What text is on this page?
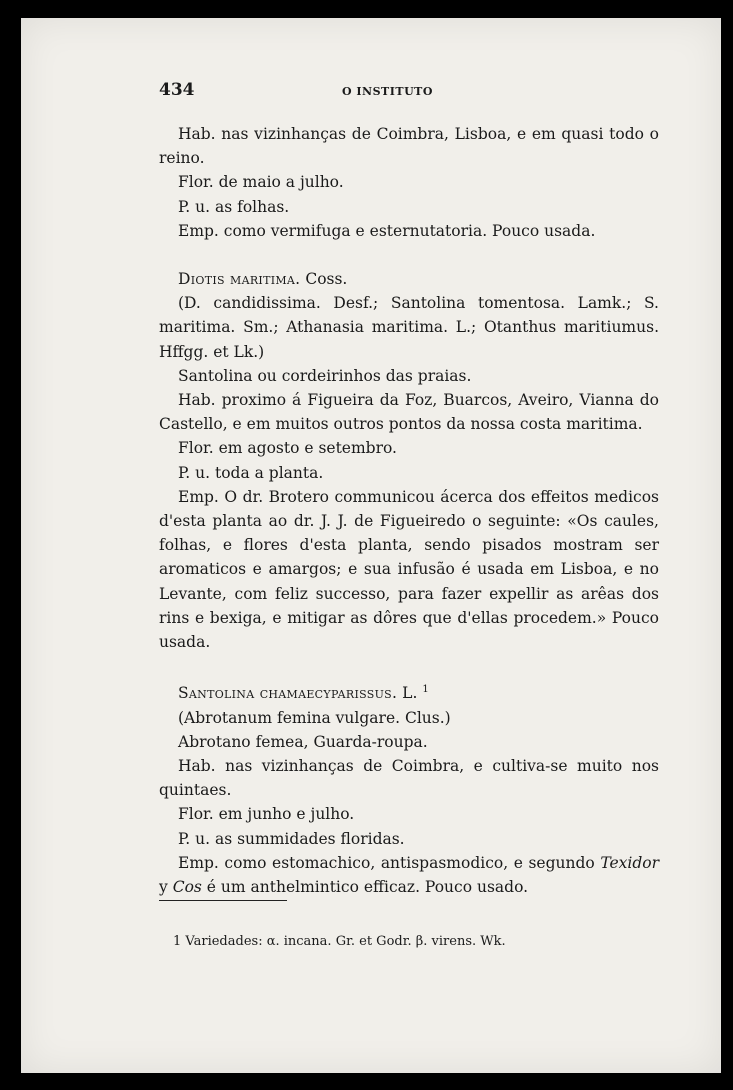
434	O INSTITUTO

Hab. nas vizinhanças de Coimbra, Lisboa, e em quasi todo o reino.

Flor. de maio a julho.

P. u. as folhas.

Emp. como vermifuga e esternutatoria. Pouco usada.

Diotis maritima. Coss.

(D. candidissima. Desf.; Santolina tomentosa. Lamk.; S. maritima. Sm.; Athanasia maritima. L.; Otanthus maritiumus. Hffgg. et Lk.)

Santolina ou cordeirinhos das praias.

Hab. proximo á Figueira da Foz, Buarcos, Aveiro, Vianna do Castello, e em muitos outros pontos da nossa costa maritima.

Flor. em agosto e setembro.

P. u. toda a planta.

Emp. O dr. Brotero communicou ácerca dos effeitos medicos d'esta planta ao dr. J. J. de Figueiredo o seguinte: «Os caules, folhas, e flores d'esta planta, sendo pisados mostram ser aromaticos e amargos; e sua infusão é usada em Lisboa, e no Levante, com feliz successo, para fazer expellir as arêas dos rins e bexiga, e mitigar as dôres que d'ellas procedem.» Pouco usada.

Santolina chamaecyparissus. L. $^1$

(Abrotanum femina vulgare. Clus.)

Abrotano femea, Guarda-roupa.

Hab. nas vizinhanças de Coimbra, e cultiva-se muito nos quintaes.

Flor. em junho e julho.

P. u. as summidades floridas.

Emp. como estomachico, antispasmodico, e segundo Texidor y Cos é um anthelmintico efficaz. Pouco usado.

1 Variedades: α. incana. Gr. et Godr. β. virens. Wk.
